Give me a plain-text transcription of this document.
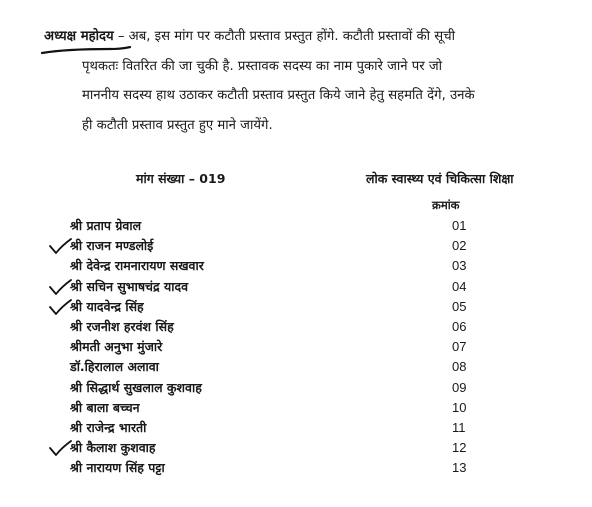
अध्यक्ष महोदय – अब, इस मांग पर कटौती प्रस्ताव प्रस्तुत होंगे. कटौती प्रस्तावों की सूची
पृथकतः वितरित की जा चुकी है. प्रस्तावक सदस्य का नाम पुकारे जाने पर जो
माननीय सदस्य हाथ उठाकर कटौती प्रस्ताव प्रस्तुत किये जाने हेतु सहमति देंगे, उनके
ही कटौती प्रस्ताव प्रस्तुत हुए माने जायेंगे.
मांग संख्या – 019	लोक स्वास्थ्य एवं चिकित्सा शिक्षा
क्रमांक
श्री प्रताप ग्रेवाल	01
श्री राजन मण्डलोई	02
श्री देवेन्द्र रामनारायण सखवार	03
श्री सचिन सुभाषचंद्र यादव	04
श्री यादवेन्द्र सिंह	05
श्री रजनीश हरवंश सिंह	06
श्रीमती अनुभा मुंजारे	07
डॉ.हिरालाल अलावा	08
श्री सिद्धार्थ सुखलाल कुशवाह	09
श्री बाला बच्चन	10
श्री राजेन्द्र भारती	11
श्री कैलाश कुशवाह	12
श्री नारायण सिंह पट्टा	13
